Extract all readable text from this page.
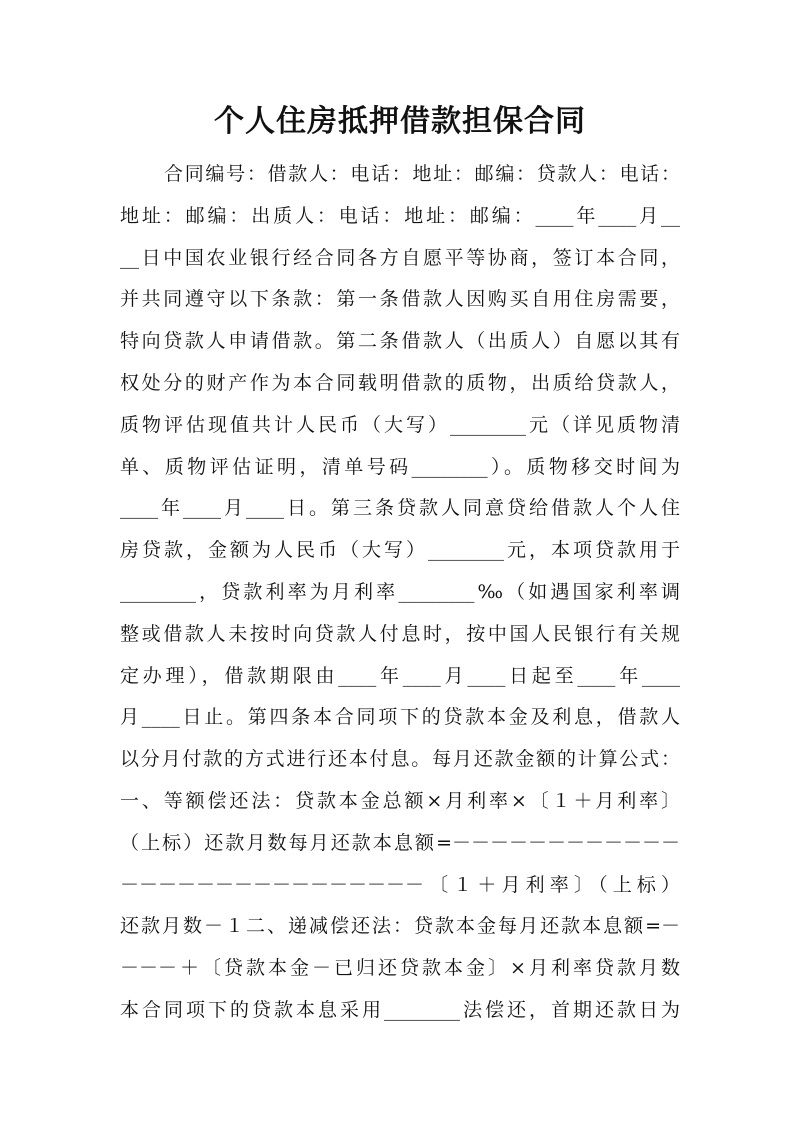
个人住房抵押借款担保合同
合同编号：借款人：电话：地址：邮编：贷款人：电话：
地址：邮编：出质人：电话：地址：邮编：____年____月__
__日中国农业银行经合同各方自愿平等协商，签订本合同，
并共同遵守以下条款：第一条借款人因购买自用住房需要，
特向贷款人申请借款。第二条借款人（出质人）自愿以其有
权处分的财产作为本合同载明借款的质物，出质给贷款人，
质物评估现值共计人民币（大写）________元（详见质物清
单、质物评估证明，清单号码________）。质物移交时间为
____年____月____日。第三条贷款人同意贷给借款人个人住
房贷款，金额为人民币（大写）________元，本项贷款用于
________，贷款利率为月利率________‰（如遇国家利率调
整或借款人未按时向贷款人付息时，按中国人民银行有关规
定办理），借款期限由____年____月____日起至____年____
月____日止。第四条本合同项下的贷款本金及利息，借款人
以分月付款的方式进行还本付息。每月还款金额的计算公式：
一、等额偿还法：贷款本金总额×月利率×〔１＋月利率〕
（上标）还款月数每月还款本息额=－－－－－－－－－－－－
－－－－－－－－－－－－－－－－〔１＋月利率〕（上标）
还款月数－１二、递减偿还法：贷款本金每月还款本息额=－
－－－＋〔贷款本金－已归还贷款本金〕×月利率贷款月数
本合同项下的贷款本息采用________法偿还，首期还款日为
